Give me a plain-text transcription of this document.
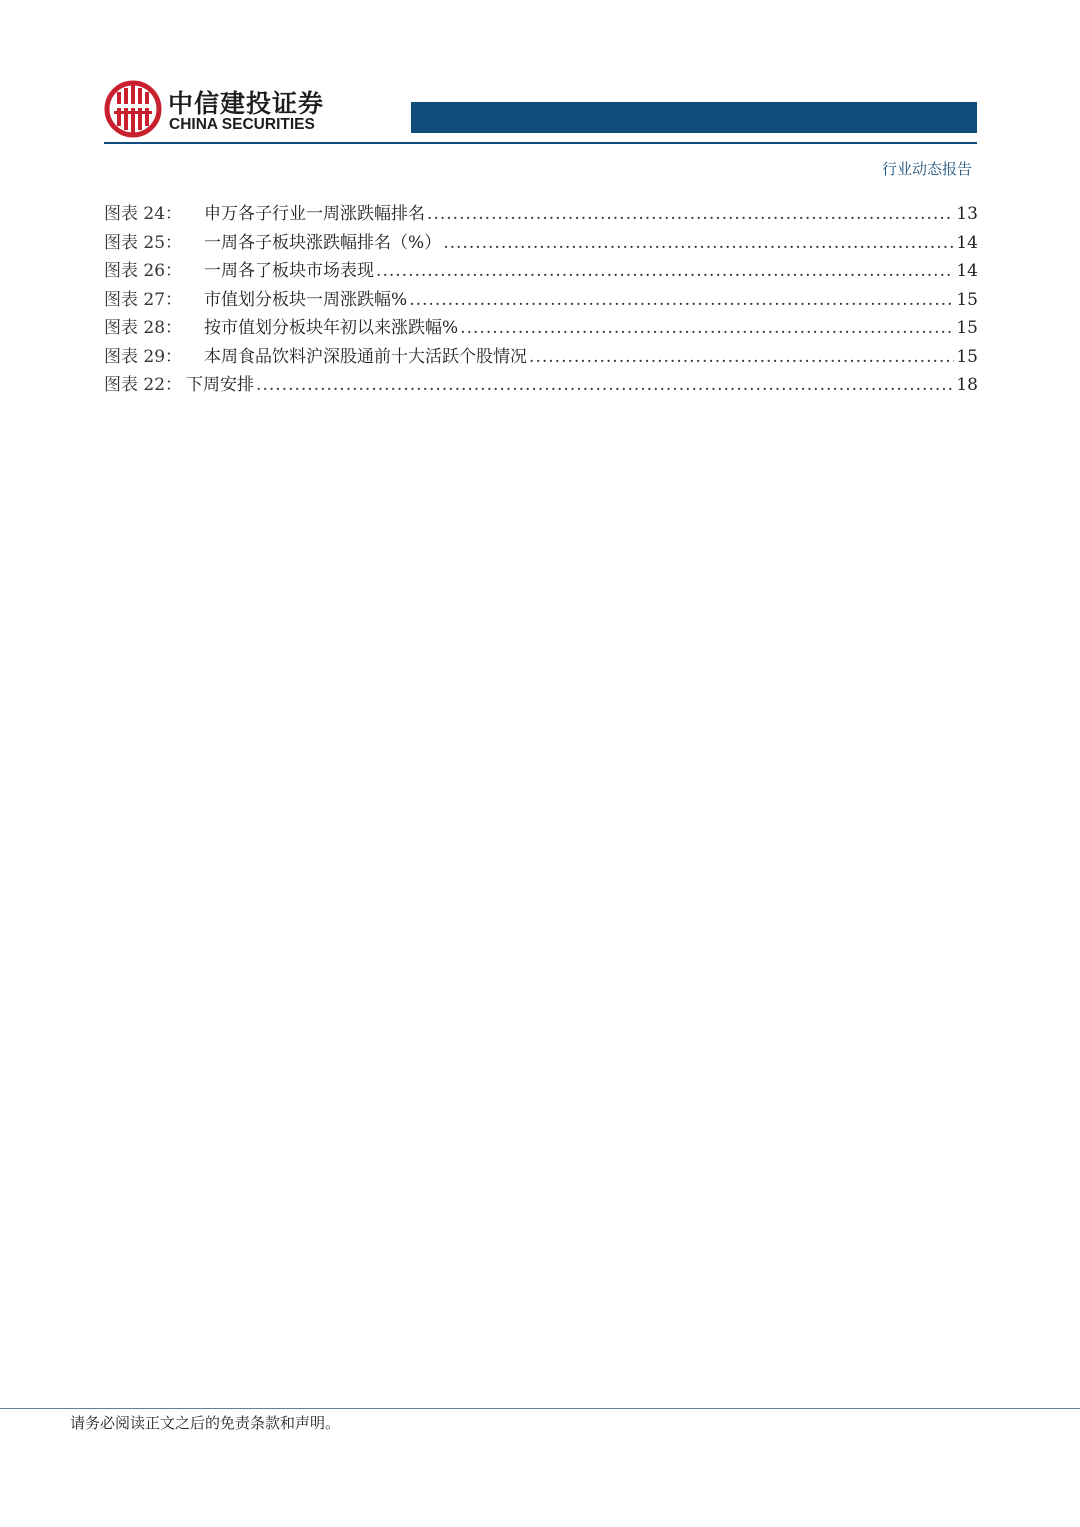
中信建投证券
CHINA SECURITIES
行业动态报告
图表 24： 申万各子行业一周涨跌幅排名 .....	13
图表 25： 一周各子板块涨跌幅排名（%） .....	14
图表 26： 一周各了板块市场表现 .....	14
图表 27： 市值划分板块一周涨跌幅% .....	15
图表 28： 按市值划分板块年初以来涨跌幅% .....	15
图表 29： 本周食品饮料沪深股通前十大活跃个股情况 .....	15
图表 22： 下周安排 .....	18
请务必阅读正文之后的免责条款和声明。
